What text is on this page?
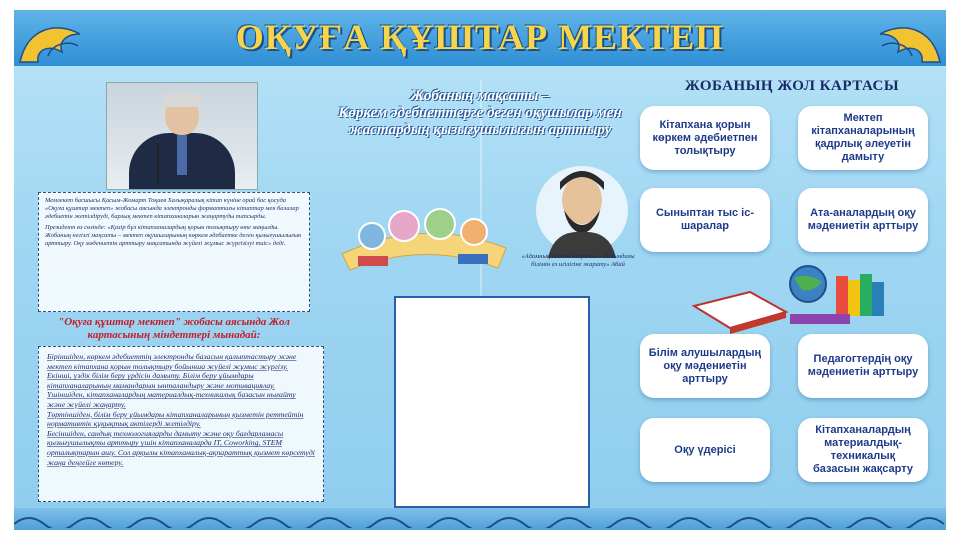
ОҚУҒА ҚҰШТАР МЕКТЕП

Мемлекет басшысы Қасым-Жомарт Тоқаев Халықаралық кітап күніне орай бас қосуда «Оқуға құштар мектеп» жобасы аясында электронды форматтағы кітаптар мен балалар әдебиетін жетілдіруді, барлық мектеп кітапханаларын жаңартуды тапсырды.

Президент өз сөзінде: «Қазір бұл кітапханалардың қорын толықтыру өте маңызды. Жобаның негізгі мақсаты – мектеп оқушыларының көркем әдебиетке деген қызығушылығын арттыру. Оқу мәдениетін арттыру мақсатында жүйелі жұмыс жүргізілуі тиіс» деді.

"Оқуға құштар мектеп" жобасы аясында Жол картасының міндеттері мынадай:

Біріншіден, көркем әдебиеттің электронды базасын қалыптастыру және мектеп кітапхана қорын толықтыру бойынша жүйелі жұмыс жүргізу.

Екінші, үздік білім беру үрдісін дамыту. Білім беру ұйымдары кітапханаларының мамандарын ынталандыру және мотивациялау.

Үшіншіден, кітапханалардың материалдық-техникалық базасын нығайту және жүйелі жаңарту.

Төртіншіден, білім беру ұйымдары кітапханаларының қызметін реттейтін нормативтік құқықтық актілерді жетілдіру.

Бесіншіден, сандық технологияларды дамыту және оқу бағдарламасы қызығушылықты арттыру үшін кітапханаларда IT, Coworking, STEM орталықтарын ашу. Сол арқылы кітапханалық-ақпараттық қызмет көрсетуді жаңа деңгейге көтеру.

Жобаның мақсаты –
Көркем әдебиеттерге деген оқушылар мен жастардың қызығушылығын арттыру
«Адамның басты мақсаты – бойындағы білімін ел игілігіне жарату» Абай
ЖОБАНЫҢ ЖОЛ КАРТАСЫ
Кітапхана қорын көркем әдебиетпен толықтыру
Мектеп кітапханаларының қадрлық әлеуетін дамыту
Сыныптан тыс іс-шаралар
Ата-аналардың оқу мәдениетін арттыру
Білім алушылардың оқу мәдениетін арттыру
Педагогтердің оқу мәдениетін арттыру
Оқу үдерісі
Кітапханалардың материалдық-техникалық базасын жақсарту
